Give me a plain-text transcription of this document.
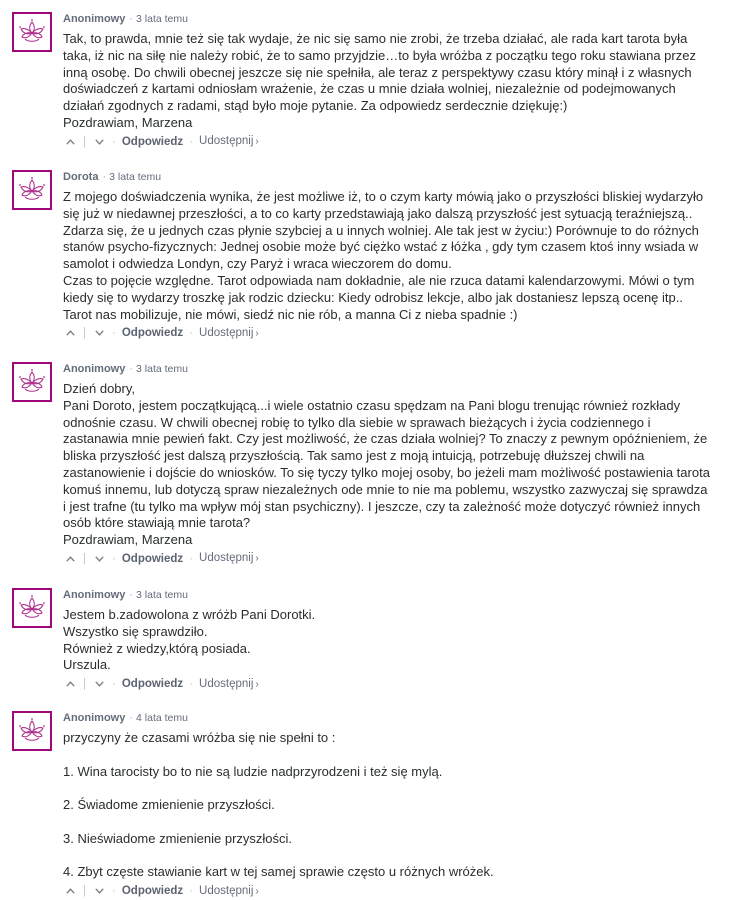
Anonimowy · 3 lata temu

Tak, to prawda, mnie też się tak wydaje, że nic się samo nie zrobi, że trzeba działać, ale rada kart tarota była

taka, iż nic na siłę nie należy robić, że to samo przyjdzie…to była wróżba z początku tego roku stawiana przez

inną osobę. Do chwili obecnej jeszcze się nie spełniła, ale teraz z perspektywy czasu który minął i z własnych

doświadczeń z kartami odniosłam wrażenie, że czas u mnie działa wolniej, niezależnie od podejmowanych

działań zgodnych z radami, stąd było moje pytanie. Za odpowiedz serdecznie dziękuję:)

Pozdrawiam, Marzena

| · Odpowiedz · Udostępnij ›
Dorota · 3 lata temu

Z mojego doświadczenia wynika, że jest możliwe iż, to o czym karty mówią jako o przyszłości bliskiej wydarzyło

się już w niedawnej przeszłości, a to co karty przedstawiają jako dalszą przyszłość jest sytuacją teraźniejszą..

Zdarza się, że u jednych czas płynie szybciej a u innych wolniej. Ale tak jest w życiu:) Porównuje to do różnych

stanów psycho-fizycznych: Jednej osobie może być ciężko wstać z łóżka , gdy tym czasem ktoś inny wsiada w

samolot i odwiedza Londyn, czy Paryż i wraca wieczorem do domu.

Czas to pojęcie względne. Tarot odpowiada nam dokładnie, ale nie rzuca datami kalendarzowymi. Mówi o tym

kiedy się to wydarzy troszkę jak rodzic dziecku: Kiedy odrobisz lekcje, albo jak dostaniesz lepszą ocenę itp..

Tarot nas mobilizuje, nie mówi, siedź nic nie rób, a manna Ci z nieba spadnie :)

| · Odpowiedz · Udostępnij ›
Anonimowy · 3 lata temu

Dzień dobry,

Pani Doroto, jestem początkującą...i wiele ostatnio czasu spędzam na Pani blogu trenując również rozkłady

odnośnie czasu. W chwili obecnej robię to tylko dla siebie w sprawach bieżących i życia codziennego i

zastanawia mnie pewień fakt. Czy jest możliwość, że czas działa wolniej? To znaczy z pewnym opóźnieniem, że

bliska przyszłość jest dalszą przyszłością. Tak samo jest z moją intuicją, potrzebuję dłuższej chwili na

zastanowienie i dojście do wniosków. To się tyczy tylko mojej osoby, bo jeżeli mam możliwość postawienia tarota

komuś innemu, lub dotyczą spraw niezależnych ode mnie to nie ma poblemu, wszystko zazwyczaj się sprawdza

i jest trafne (tu tylko ma wpływ mój stan psychiczny). I jeszcze, czy ta zależność może dotyczyć również innych

osób które stawiają mnie tarota?

Pozdrawiam, Marzena

| · Odpowiedz · Udostępnij ›
Anonimowy · 3 lata temu

Jestem b.zadowolona z wróżb Pani Dorotki.

Wszystko się sprawdziło.

Również z wiedzy,którą posiada.

Urszula.

| · Odpowiedz · Udostępnij ›
Anonimowy · 4 lata temu

przyczyny że czasami wróżba się nie spełni to :

1. Wina tarocisty bo to nie są ludzie nadprzyrodzeni i też się mylą.

2. Świadome zmienienie przyszłości.

3. Nieświadome zmienienie przyszłości.

4. Zbyt częste stawianie kart w tej samej sprawie często u różnych wróżek.

| · Odpowiedz · Udostępnij ›
